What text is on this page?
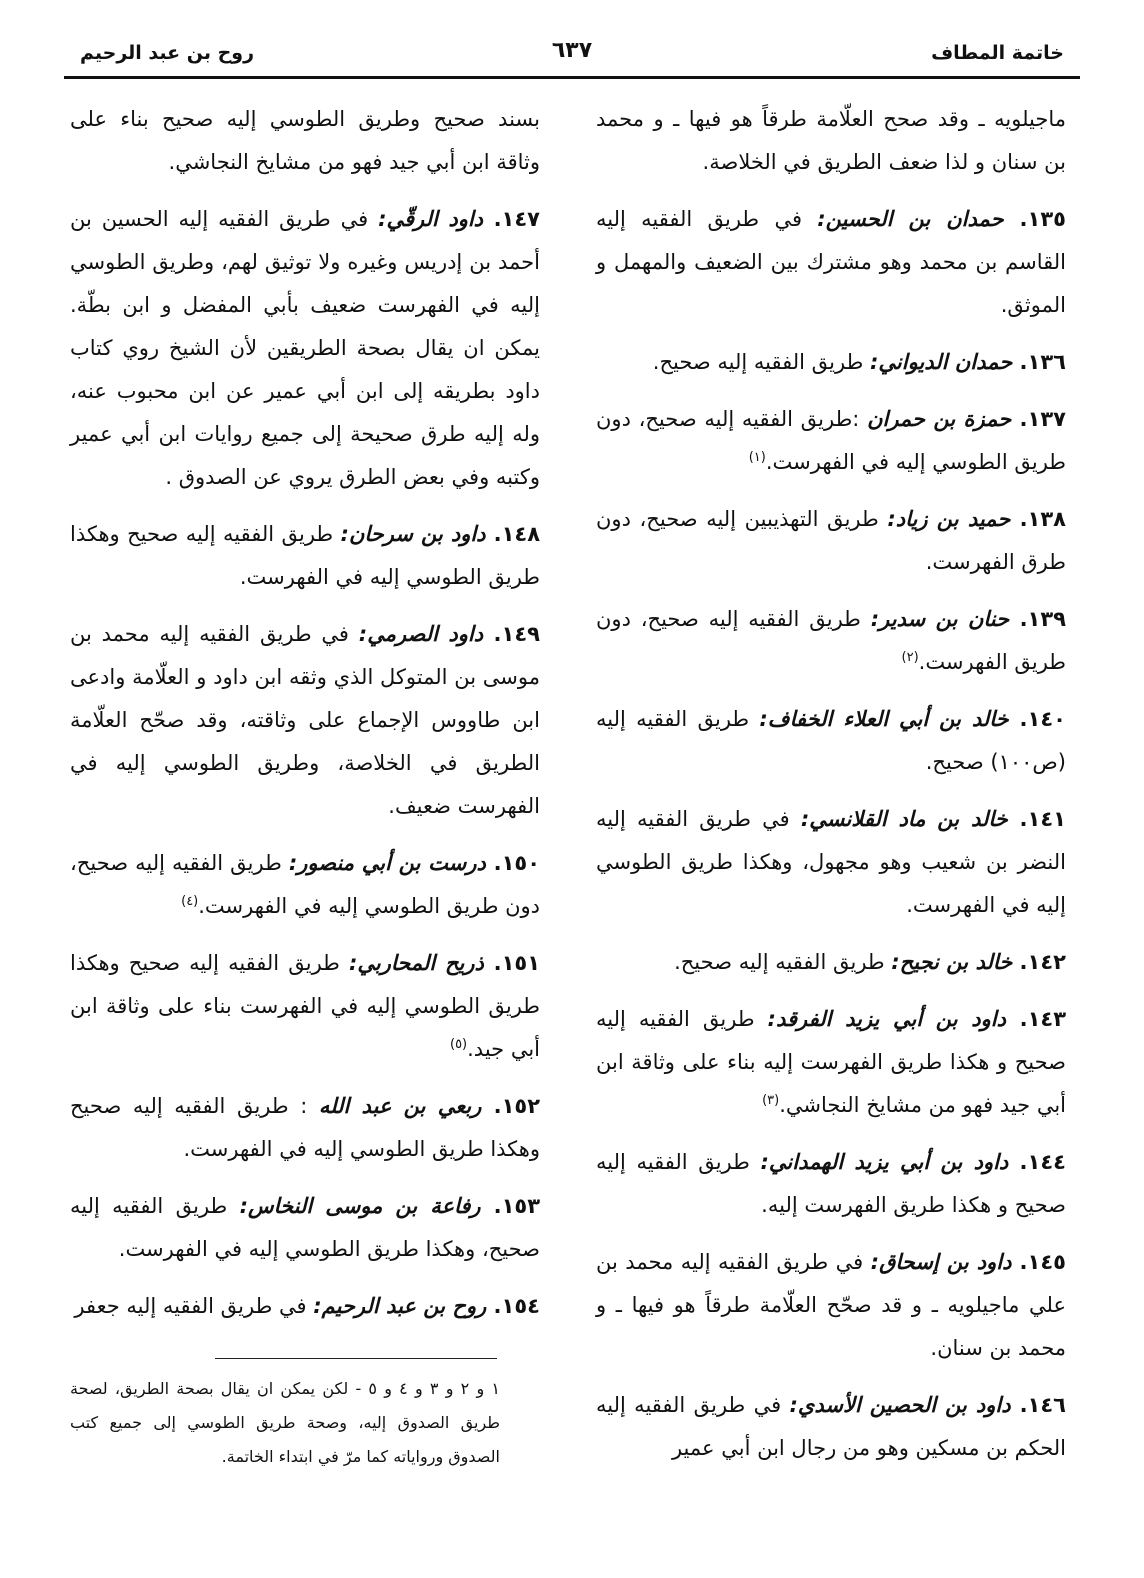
خاتمة المطاف
٦٣٧
روح بن عبد الرحيم

ماجيلويه ـ وقد صحح العلّامة طرقاً هو فيها ـ و محمد بن سنان و لذا ضعف الطريق في الخلاصة.

١٣٥. حمدان بن الحسين: في طريق الفقيه إليه القاسم بن محمد وهو مشترك بين الضعيف والمهمل و الموثق.

١٣٦. حمدان الديواني: طريق الفقيه إليه صحيح.

١٣٧. حمزة بن حمران :طريق الفقيه إليه صحيح، دون طريق الطوسي إليه في الفهرست.$^{(١)}$

١٣٨. حميد بن زياد: طريق التهذيبين إليه صحيح، دون طرق الفهرست.

١٣٩. حنان بن سدير: طريق الفقيه إليه صحيح، دون طريق الفهرست.$^{(٢)}$

١٤٠. خالد بن أبي العلاء الخفاف: طريق الفقيه إليه (ص١٠٠) صحيح.

١٤١. خالد بن ماد القلانسي: في طريق الفقيه إليه النضر بن شعيب وهو مجهول، وهكذا طريق الطوسي إليه في الفهرست.

١٤٢. خالد بن نجيح: طريق الفقيه إليه صحيح.

١٤٣. داود بن أبي يزيد الفرقد: طريق الفقيه إليه صحيح و هكذا طريق الفهرست إليه بناء على وثاقة ابن أبي جيد فهو من مشايخ النجاشي.$^{(٣)}$

١٤٤. داود بن أبي يزيد الهمداني: طريق الفقيه إليه صحيح و هكذا طريق الفهرست إليه.

١٤٥. داود بن إسحاق: في طريق الفقيه إليه محمد بن علي ماجيلويه ـ و قد صحّح العلّامة طرقاً هو فيها ـ و محمد بن سنان.

١٤٦. داود بن الحصين الأسدي: في طريق الفقيه إليه الحكم بن مسكين وهو من رجال ابن أبي عمير

بسند صحيح وطريق الطوسي إليه صحيح بناء على وثاقة ابن أبي جيد فهو من مشايخ النجاشي.

١٤٧. داود الرقّي: في طريق الفقيه إليه الحسين بن أحمد بن إدريس وغيره ولا توثيق لهم، وطريق الطوسي إليه في الفهرست ضعيف بأبي المفضل و ابن بطّة. يمكن ان يقال بصحة الطريقين لأن الشيخ روي كتاب داود بطريقه إلى ابن أبي عمير عن ابن محبوب عنه، وله إليه طرق صحيحة إلى جميع روايات ابن أبي عمير وكتبه وفي بعض الطرق يروي عن الصدوق .

١٤٨. داود بن سرحان: طريق الفقيه إليه صحيح وهكذا طريق الطوسي إليه في الفهرست.

١٤٩. داود الصرمي: في طريق الفقيه إليه محمد بن موسى بن المتوكل الذي وثقه ابن داود و العلّامة وادعى ابن طاووس الإجماع على وثاقته، وقد صحّح العلّامة الطريق في الخلاصة، وطريق الطوسي إليه في الفهرست ضعيف.

١٥٠. درست بن أبي منصور: طريق الفقيه إليه صحيح، دون طريق الطوسي إليه في الفهرست.$^{(٤)}$

١٥١. ذريح المحاربي: طريق الفقيه إليه صحيح وهكذا طريق الطوسي إليه في الفهرست بناء على وثاقة ابن أبي جيد.$^{(٥)}$

١٥٢. ربعي بن عبد الله : طريق الفقيه إليه صحيح وهكذا طريق الطوسي إليه في الفهرست.

١٥٣. رفاعة بن موسى النخاس: طريق الفقيه إليه صحيح، وهكذا طريق الطوسي إليه في الفهرست.

١٥٤. روح بن عبد الرحيم: في طريق الفقيه إليه جعفر

١ و ٢ و ٣ و ٤ و ٥ - لكن يمكن ان يقال بصحة الطريق، لصحة طريق الصدوق إليه، وصحة طريق الطوسي إلى جميع كتب الصدوق ورواياته كما مرّ في ابتداء الخاتمة.
